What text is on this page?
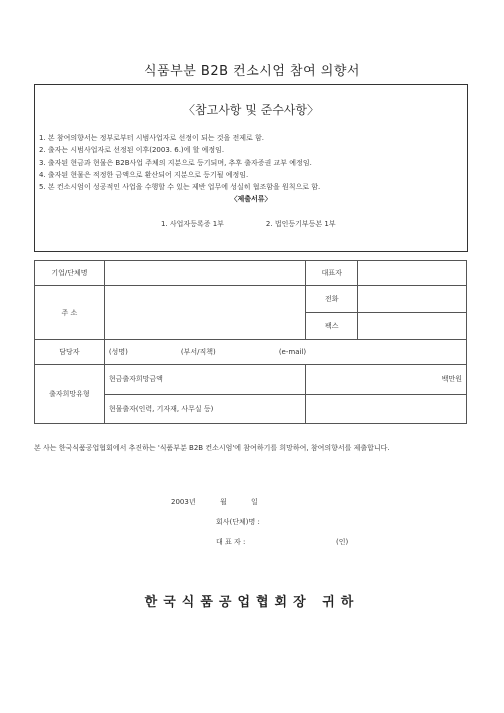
식품부분 B2B 컨소시엄 참여 의향서
〈참고사항 및 준수사항〉
1. 본 참여의향서는 정부로부터 시범사업자로 선정이 되는 것을 전제로 함.
2. 출자는 시범사업자로 선정된 이후(2003. 6.)에 할 예정임.
3. 출자된 현금과 현물은 B2B사업 주체의 지분으로 등기되며, 추후 출자증권 교부 예정임.
4. 출자된 현물은 적정한 금액으로 환산되어 지분으로 등기될 예정임.
5. 본 컨소시엄이 성공적인 사업을 수행할 수 있는 제반 업무에 성실히 협조함을 원칙으로 함.
〈제출서류〉
1. 사업자등록증 1부	2. 법인등기부등본 1부
기업/단체명		대표자	
주 소		전화	
		팩스	
담당자	(성명) (부서/직책) (e-mail)		
출자희망유형	현금출자희망금액	백만원	
	현물출자(인력, 기자재, 사무실 등)		
본 사는 한국식품공업협회에서 추진하는 '식품부분 B2B 컨소시엄'에 참여하기를 희망하여, 참여의향서를 제출합니다.
2003년	월	일
회사(단체)명 :
대 표 자 :	(인)
한국식품공업협회장 귀하
